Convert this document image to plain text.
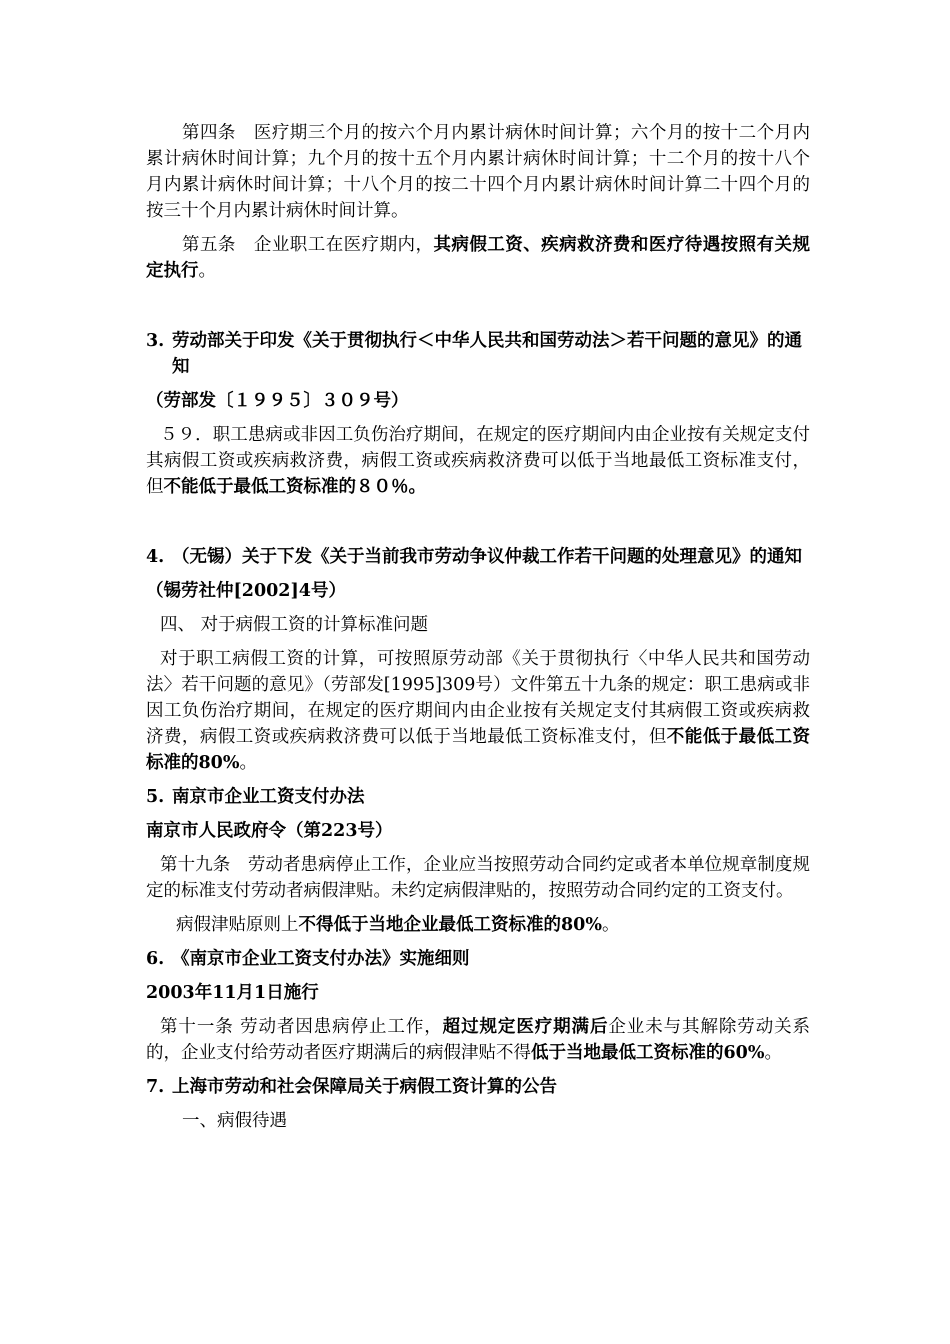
第四条 医疗期三个月的按六个月内累计病休时间计算；六个月的按十二个月内累计病休时间计算；九个月的按十五个月内累计病休时间计算；十二个月的按十八个月内累计病休时间计算；十八个月的按二十四个月内累计病休时间计算二十四个月的按三十个月内累计病休时间计算。

第五条 企业职工在医疗期内，其病假工资、疾病救济费和医疗待遇按照有关规定执行。

3. 劳动部关于印发《关于贯彻执行＜中华人民共和国劳动法＞若干问题的意见》的通知

（劳部发〔１９９５〕３０９号）

５９．职工患病或非因工负伤治疗期间，在规定的医疗期间内由企业按有关规定支付其病假工资或疾病救济费，病假工资或疾病救济费可以低于当地最低工资标准支付，但不能低于最低工资标准的８０％。

4. （无锡）关于下发《关于当前我市劳动争议仲裁工作若干问题的处理意见》的通知

（锡劳社仲[2002]4号）

四、 对于病假工资的计算标准问题

对于职工病假工资的计算，可按照原劳动部《关于贯彻执行〈中华人民共和国劳动法〉若干问题的意见》（劳部发[1995]309号）文件第五十九条的规定：职工患病或非因工负伤治疗期间，在规定的医疗期间内由企业按有关规定支付其病假工资或疾病救济费，病假工资或疾病救济费可以低于当地最低工资标准支付，但不能低于最低工资标准的80%。

5. 南京市企业工资支付办法

南京市人民政府令（第223号）

第十九条　劳动者患病停止工作，企业应当按照劳动合同约定或者本单位规章制度规定的标准支付劳动者病假津贴。未约定病假津贴的，按照劳动合同约定的工资支付。

病假津贴原则上不得低于当地企业最低工资标准的80%。

6. 《南京市企业工资支付办法》实施细则

2003年11月1日施行

第十一条 劳动者因患病停止工作，超过规定医疗期满后企业未与其解除劳动关系的，企业支付给劳动者医疗期满后的病假津贴不得低于当地最低工资标准的60%。

7. 上海市劳动和社会保障局关于病假工资计算的公告

一、病假待遇
